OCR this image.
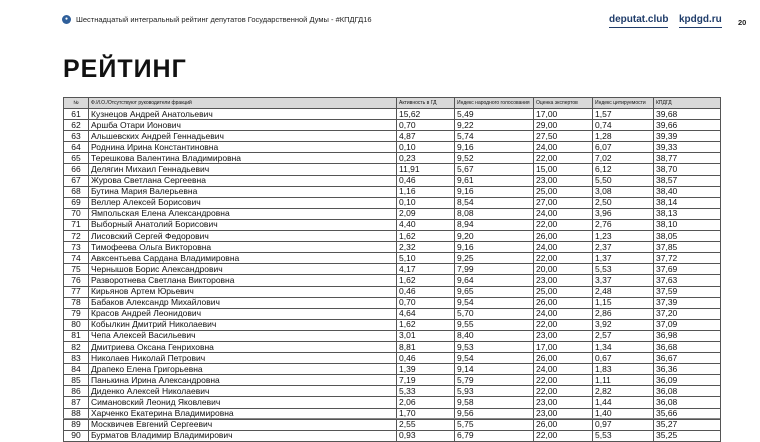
●	Шестнадцатый интегральный рейтинг депутатов Государственной Думы - #КПДГД16	deputat.club kpdgd.ru 20
РЕЙТИНГ
№	Ф.И.О./Отсутствуют руководители фракций	Активность в ГД	Индекс народного голосования	Оценка экспертов	Индекс цитируемости	КПДГД
61	Кузнецов Андрей Анатольевич	15,62	5,49	17,00	1,57	39,68
62	Аршба Отари Ионович	0,70	9,22	29,00	0,74	39,66
63	Альшевских Андрей Геннадьевич	4,87	5,74	27,50	1,28	39,39
64	Роднина Ирина Константиновна	0,10	9,16	24,00	6,07	39,33
65	Терешкова Валентина Владимировна	0,23	9,52	22,00	7,02	38,77
66	Делягин Михаил Геннадьевич	11,91	5,67	15,00	6,12	38,70
67	Журова Светлана Сергеевна	0,46	9,61	23,00	5,50	38,57
68	Бутина Мария Валерьевна	1,16	9,16	25,00	3,08	38,40
69	Веллер Алексей Борисович	0,10	8,54	27,00	2,50	38,14
70	Ямпольская Елена Александровна	2,09	8,08	24,00	3,96	38,13
71	Выборный Анатолий Борисович	4,40	8,94	22,00	2,76	38,10
72	Лисовский Сергей Федорович	1,62	9,20	26,00	1,23	38,05
73	Тимофеева Ольга Викторовна	2,32	9,16	24,00	2,37	37,85
74	Авксентьева Сардана Владимировна	5,10	9,25	22,00	1,37	37,72
75	Чернышов Борис Александрович	4,17	7,99	20,00	5,53	37,69
76	Разворотнева Светлана Викторовна	1,62	9,64	23,00	3,37	37,63
77	Кирьянов Артем Юрьевич	0,46	9,65	25,00	2,48	37,59
78	Бабаков Александр Михайлович	0,70	9,54	26,00	1,15	37,39
79	Красов Андрей Леонидович	4,64	5,70	24,00	2,86	37,20
80	Кобылкин Дмитрий Николаевич	1,62	9,55	22,00	3,92	37,09
81	Чепа Алексей Васильевич	3,01	8,40	23,00	2,57	36,98
82	Дмитриева Оксана Генриховна	8,81	9,53	17,00	1,34	36,68
83	Николаев Николай Петрович	0,46	9,54	26,00	0,67	36,67
84	Драпеко Елена Григорьевна	1,39	9,14	24,00	1,83	36,36
85	Панькина Ирина Александровна	7,19	5,79	22,00	1,11	36,09
86	Диденко Алексей Николаевич	5,33	5,93	22,00	2,82	36,08
87	Симановский Леонид Яковлевич	2,06	9,58	23,00	1,44	36,08
88	Харченко Екатерина Владимировна	1,70	9,56	23,00	1,40	35,66
89	Москвичев Евгений Сергеевич	2,55	5,75	26,00	0,97	35,27
90	Бурматов Владимир Владимирович	0,93	6,79	22,00	5,53	35,25
